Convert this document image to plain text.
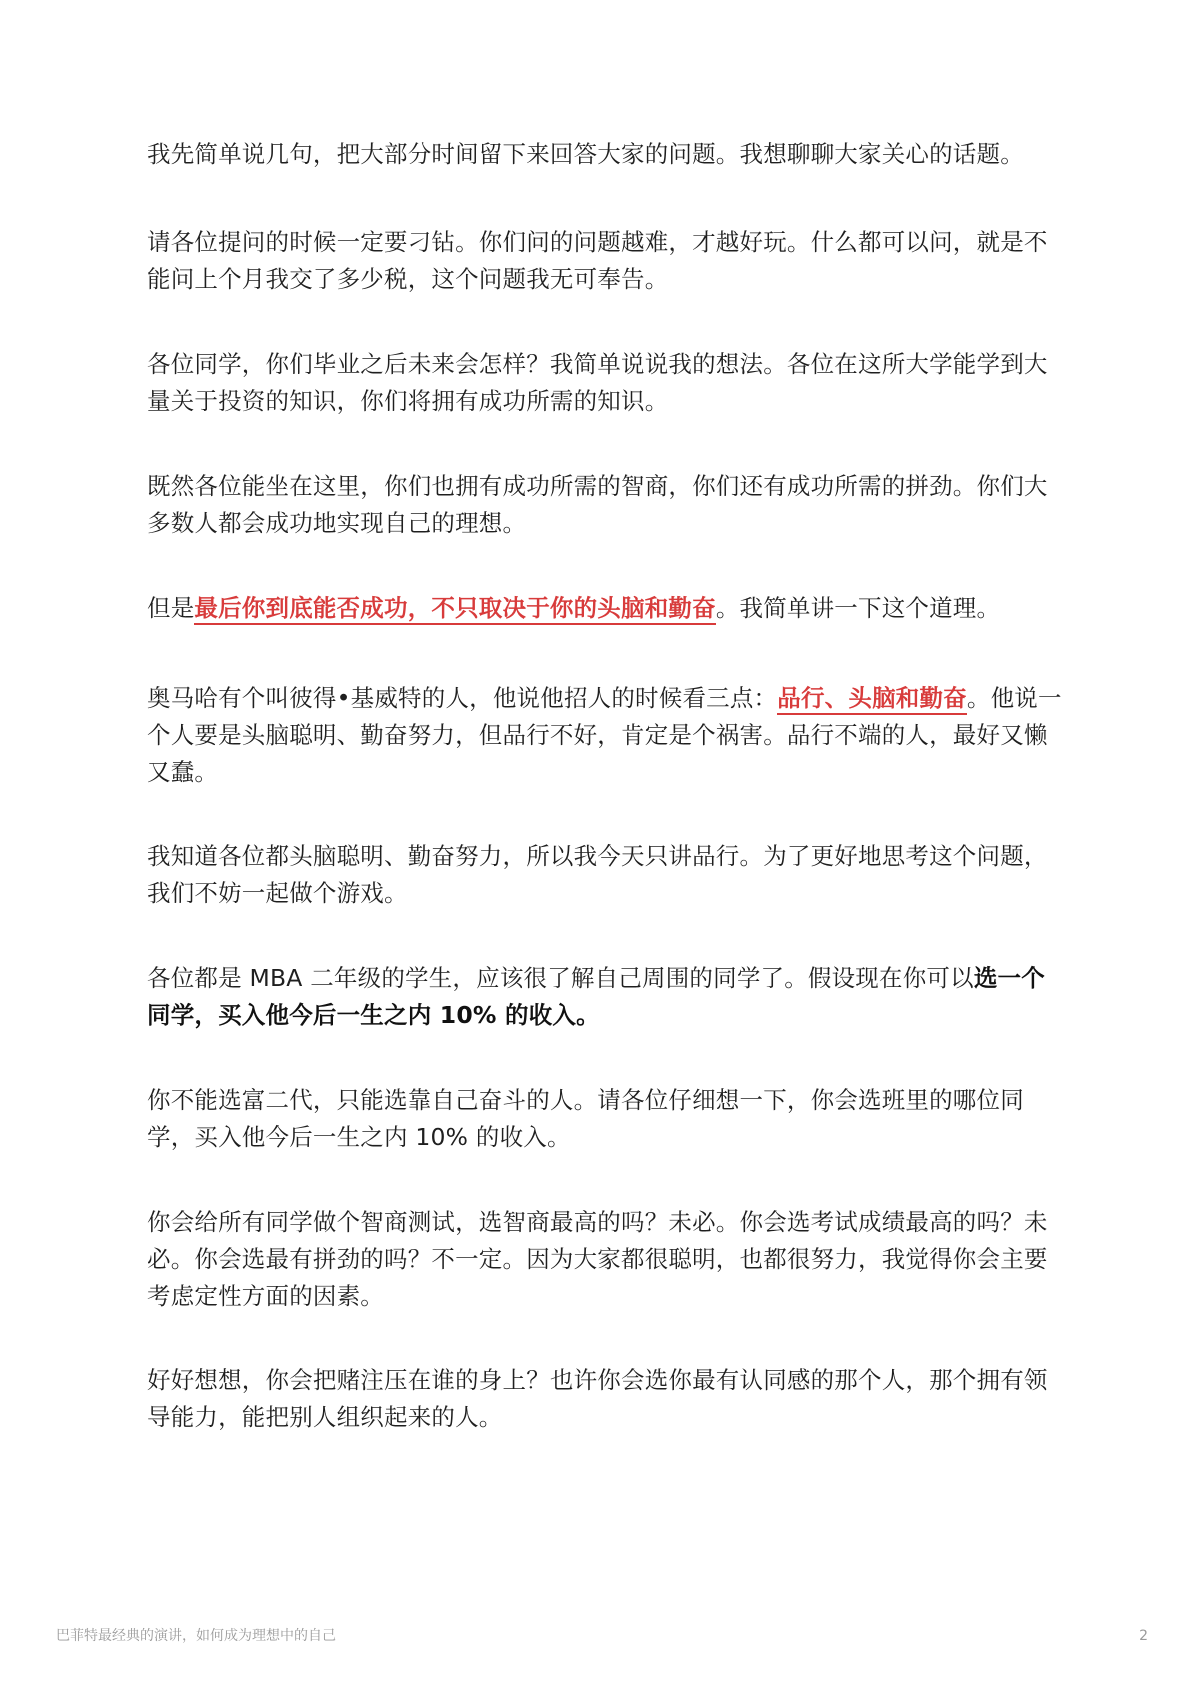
我先简单说几句，把大部分时间留下来回答大家的问题。我想聊聊大家关心的话题。

请各位提问的时候一定要刁钻。你们问的问题越难，才越好玩。什么都可以问，就是不能问上个月我交了多少税，这个问题我无可奉告。

各位同学，你们毕业之后未来会怎样？我简单说说我的想法。各位在这所大学能学到大量关于投资的知识，你们将拥有成功所需的知识。

既然各位能坐在这里，你们也拥有成功所需的智商，你们还有成功所需的拼劲。你们大多数人都会成功地实现自己的理想。

但是最后你到底能否成功，不只取决于你的头脑和勤奋。我简单讲一下这个道理。

奥马哈有个叫彼得•基威特的人，他说他招人的时候看三点：品行、头脑和勤奋。他说一个人要是头脑聪明、勤奋努力，但品行不好，肯定是个祸害。品行不端的人，最好又懒又蠢。

我知道各位都头脑聪明、勤奋努力，所以我今天只讲品行。为了更好地思考这个问题，我们不妨一起做个游戏。

各位都是 MBA 二年级的学生，应该很了解自己周围的同学了。假设现在你可以选一个同学，买入他今后一生之内 10% 的收入。

你不能选富二代，只能选靠自己奋斗的人。请各位仔细想一下，你会选班里的哪位同学，买入他今后一生之内 10% 的收入。

你会给所有同学做个智商测试，选智商最高的吗？未必。你会选考试成绩最高的吗？未必。你会选最有拼劲的吗？不一定。因为大家都很聪明，也都很努力，我觉得你会主要考虑定性方面的因素。

好好想想，你会把赌注压在谁的身上？也许你会选你最有认同感的那个人，那个拥有领导能力，能把别人组织起来的人。

巴菲特最经典的演讲，如何成为理想中的自己	2
